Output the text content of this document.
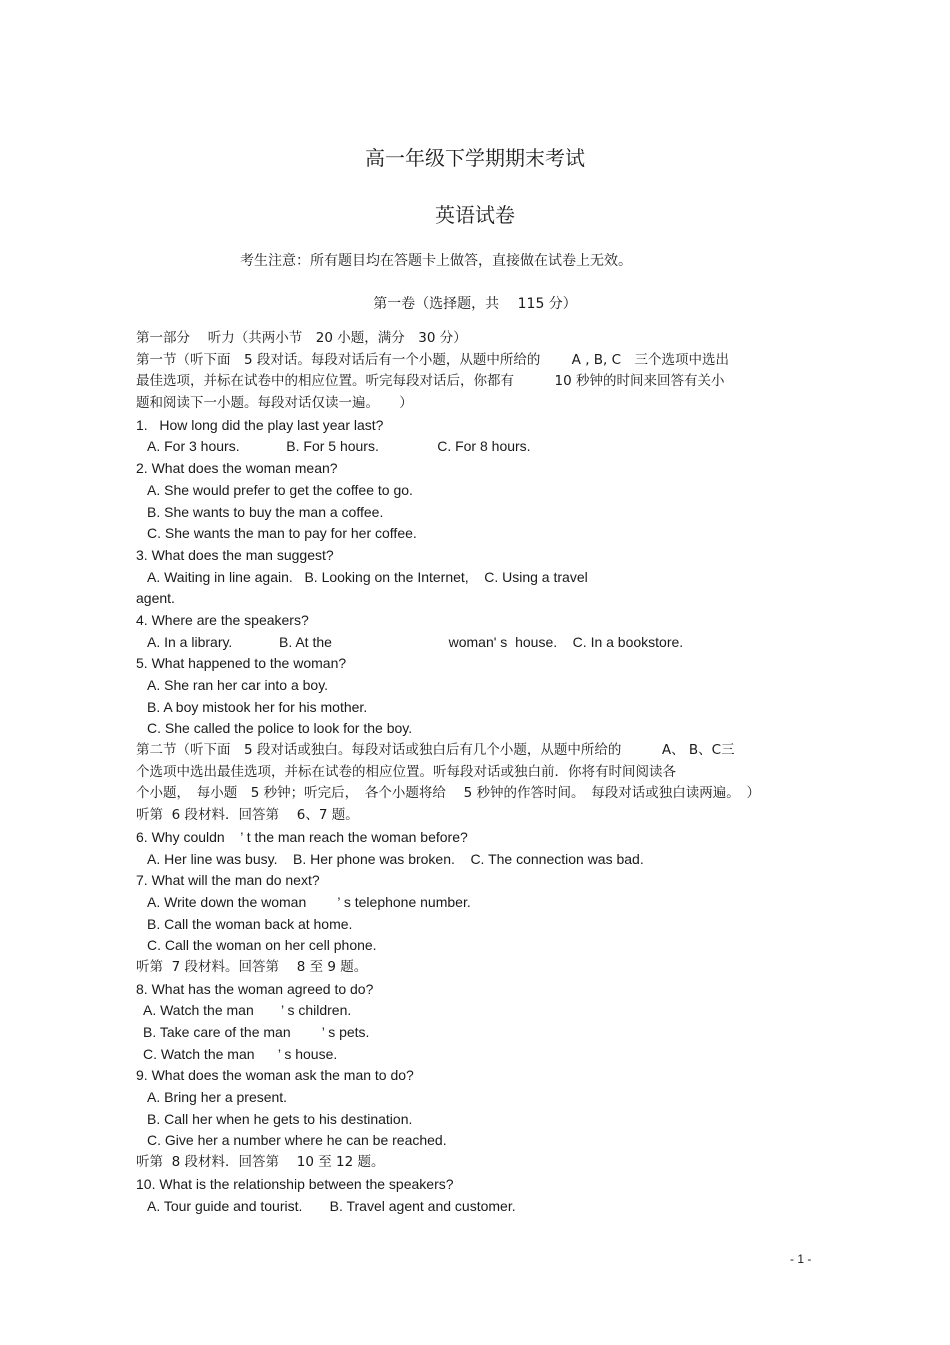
高一年级下学期期末考试
英语试卷
考生注意：所有题目均在答题卡上做答，直接做在试卷上无效。
第一卷（选择题，共　 115 分）
第一部分　 听力（共两小节　20 小题，满分　30 分）
第一节（听下面　5 段对话。每段对话后有一个小题，从题中所给的　　 A , B, C　三个选项中选出
最佳选项，并标在试卷中的相应位置。听完每段对话后，你都有　　　10 秒钟的时间来回答有关小
题和阅读下一小题。每段对话仅读一遍。　　）
1.   How long did the play last year last?
A. For 3 hours.            B. For 5 hours.               C. For 8 hours.
2. What does the woman mean?
A. She would prefer to get the coffee to go.
B. She wants to buy the man a coffee.
C. She wants the man to pay for her coffee.
3. What does the man suggest?
A. Waiting in line again.   B. Looking on the Internet,    C. Using a travel
agent.
4. Where are the speakers?
A. In a library.            B. At the                              woman' s  house.    C. In a bookstore.
5. What happened to the woman?
A. She ran her car into a boy.
B. A boy mistook her for his mother.
C. She called the police to look for the boy.
第二节（听下面　5 段对话或独白。每段对话或独白后有几个小题，从题中所给的　　　A、 B、C三
个选项中选出最佳选项，并标在试卷的相应位置。听每段对话或独白前．你将有时间阅读各
个小题，　每小题　5 秒钟；听完后，　各个小题将给　 5 秒钟的作答时间。　每段对话或独白读两遍。　）
听第  6 段材料．回答第　 6、7 题。
6. Why couldn    ’ t the man reach the woman before?
A. Her line was busy.    B. Her phone was broken.    C. The connection was bad.
7. What will the man do next?
A. Write down the woman        ’ s telephone number.
B. Call the woman back at home.
C. Call the woman on her cell phone.
听第  7 段材料。回答第　 8 至 9 题。
8. What has the woman agreed to do?
A. Watch the man       ’ s children.
B. Take care of the man        ’ s pets.
C. Watch the man      ’ s house.
9. What does the woman ask the man to do?
A. Bring her a present.
B. Call her when he gets to his destination.
C. Give her a number where he can be reached.
听第  8 段材料．回答第　 10 至 12 题。
10. What is the relationship between the speakers?
A. Tour guide and tourist.       B. Travel agent and customer.
- 1 -
